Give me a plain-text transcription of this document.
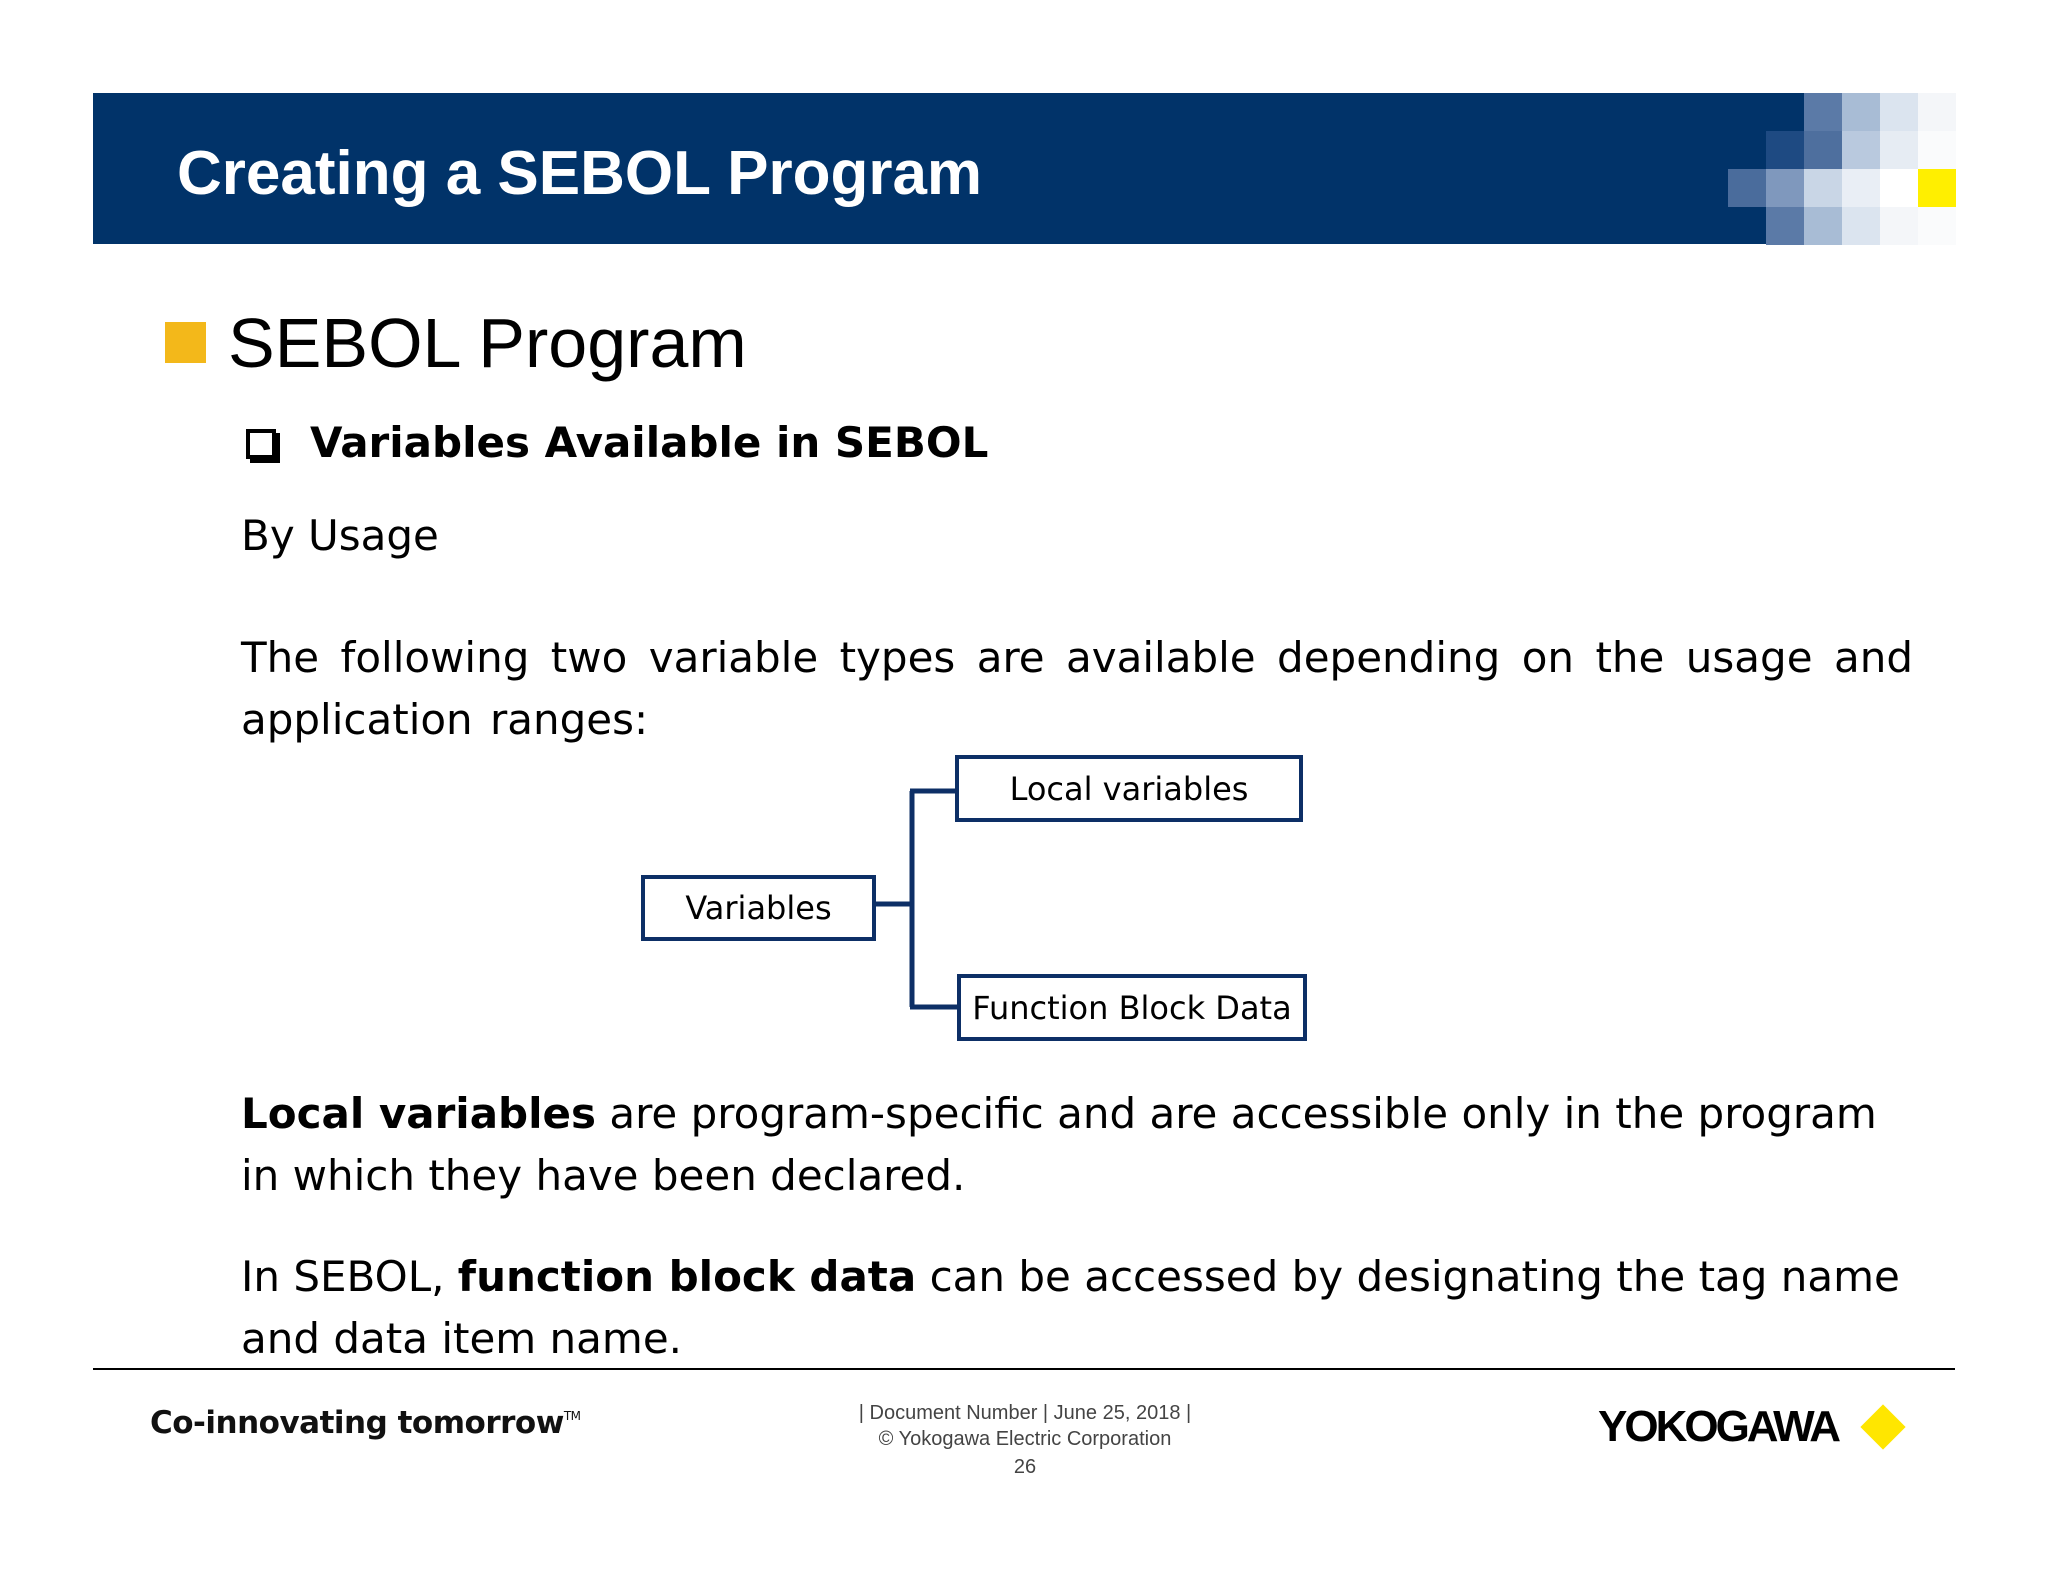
Creating a SEBOL Program
SEBOL Program
Variables Available in SEBOL
By Usage
The following two variable types are available depending on the usage and application ranges:
Variables
Local variables
Function Block Data
Local variables are program-specific and are accessible only in the program in which they have been declared.
In SEBOL, function block data can be accessed by designating the tag name and data item name.
Co-innovating tomorrow™	| Document Number | June 25, 2018 |
© Yokogawa Electric Corporation
26
YOKOGAWA
